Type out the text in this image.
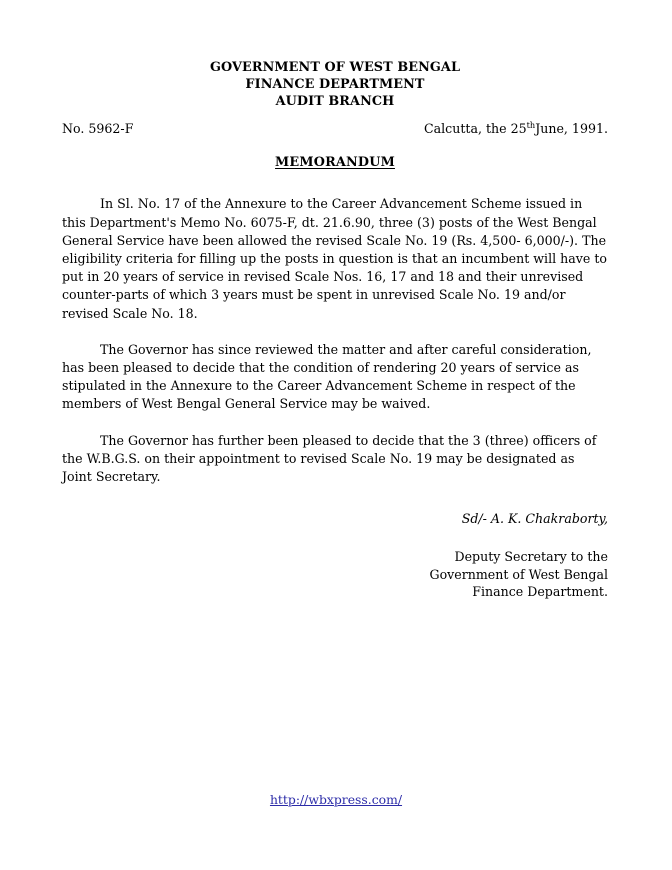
GOVERNMENT OF WEST BENGAL
FINANCE DEPARTMENT
AUDIT BRANCH
No. 5962-F	Calcutta, the 25thJune, 1991.
MEMORANDUM

In Sl. No. 17 of the Annexure to the Career Advancement Scheme issued in this Department's Memo No. 6075-F, dt. 21.6.90, three (3) posts of the West Bengal General Service have been allowed the revised Scale No. 19 (Rs. 4,500- 6,000/-). The eligibility criteria for filling up the posts in question is that an incumbent will have to put in 20 years of service in revised Scale Nos. 16, 17 and 18 and their unrevised counter-parts of which 3 years must be spent in unrevised Scale No. 19 and/or revised Scale No. 18.

The Governor has since reviewed the matter and after careful consideration, has been pleased to decide that the condition of rendering 20 years of service as stipulated in the Annexure to the Career Advancement Scheme in respect of the members of West Bengal General Service may be waived.

The Governor has further been pleased to decide that the 3 (three) officers of the W.B.G.S. on their appointment to revised Scale No. 19 may be designated as Joint Secretary.

Sd/- A. K. Chakraborty,
Deputy Secretary to the
Government of West Bengal
Finance Department.
http://wbxpress.com/
